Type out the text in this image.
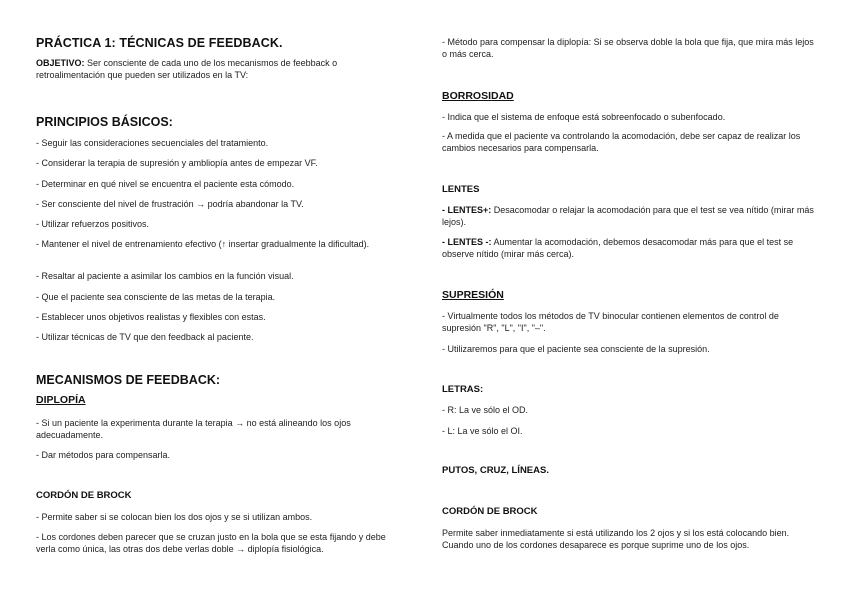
PRÁCTICA 1: TÉCNICAS DE FEEDBACK.

OBJETIVO: Ser consciente de cada uno de los mecanismos de feebback o retroalimentación que pueden ser utilizados en la TV:

PRINCIPIOS BÁSICOS:

- Seguir las consideraciones secuenciales del tratamiento.

- Considerar la terapia de supresión y ambliopía antes de empezar VF.

- Determinar en qué nivel se encuentra el paciente esta cómodo.

- Ser consciente del nivel de frustración → podría abandonar la TV.

- Utilizar refuerzos positivos.

- Mantener el nivel de entrenamiento efectivo (↑ insertar gradualmente la dificultad).

- Resaltar al paciente a asimilar los cambios en la función visual.

- Que el paciente sea consciente de las metas de la terapia.

- Establecer unos objetivos realistas y flexibles con estas.

- Utilizar técnicas de TV que den feedback al paciente.

MECANISMOS DE FEEDBACK:
DIPLOPÍA

- Si un paciente la experimenta durante la terapia → no está alineando los ojos adecuadamente.

- Dar métodos para compensarla.

CORDÓN DE BROCK

- Permite saber si se colocan bien los dos ojos y se si utilizan ambos.

- Los cordones deben parecer que se cruzan justo en la bola que se esta fijando y debe verla como única, las otras dos debe verlas doble → diplopía fisiológica.

- Método para compensar la diplopía: Si se observa doble la bola que fija, que mira más lejos o más cerca.

BORROSIDAD

- Indica que el sistema de enfoque está sobreenfocado o subenfocado.

- A medida que el paciente va controlando la acomodación, debe ser capaz de realizar los cambios necesarios para compensarla.

LENTES

- LENTES+: Desacomodar o relajar la acomodación para que el test se vea nítido (mirar más lejos).

- LENTES -: Aumentar la acomodación, debemos desacomodar más para que el test se observe nítido (mirar más cerca).

SUPRESIÓN

- Virtualmente todos los métodos de TV binocular contienen elementos de control de supresión "R", "L", "I", "–".

- Utilizaremos para que el paciente sea consciente de la supresión.

LETRAS:

- R: La ve sólo el OD.

- L: La ve sólo el OI.

PUTOS, CRUZ, LÍNEAS.
CORDÓN DE BROCK

Permite saber inmediatamente si está utilizando los 2 ojos y si los está colocando bien. Cuando uno de los cordones desaparece es porque suprime uno de los ojos.
